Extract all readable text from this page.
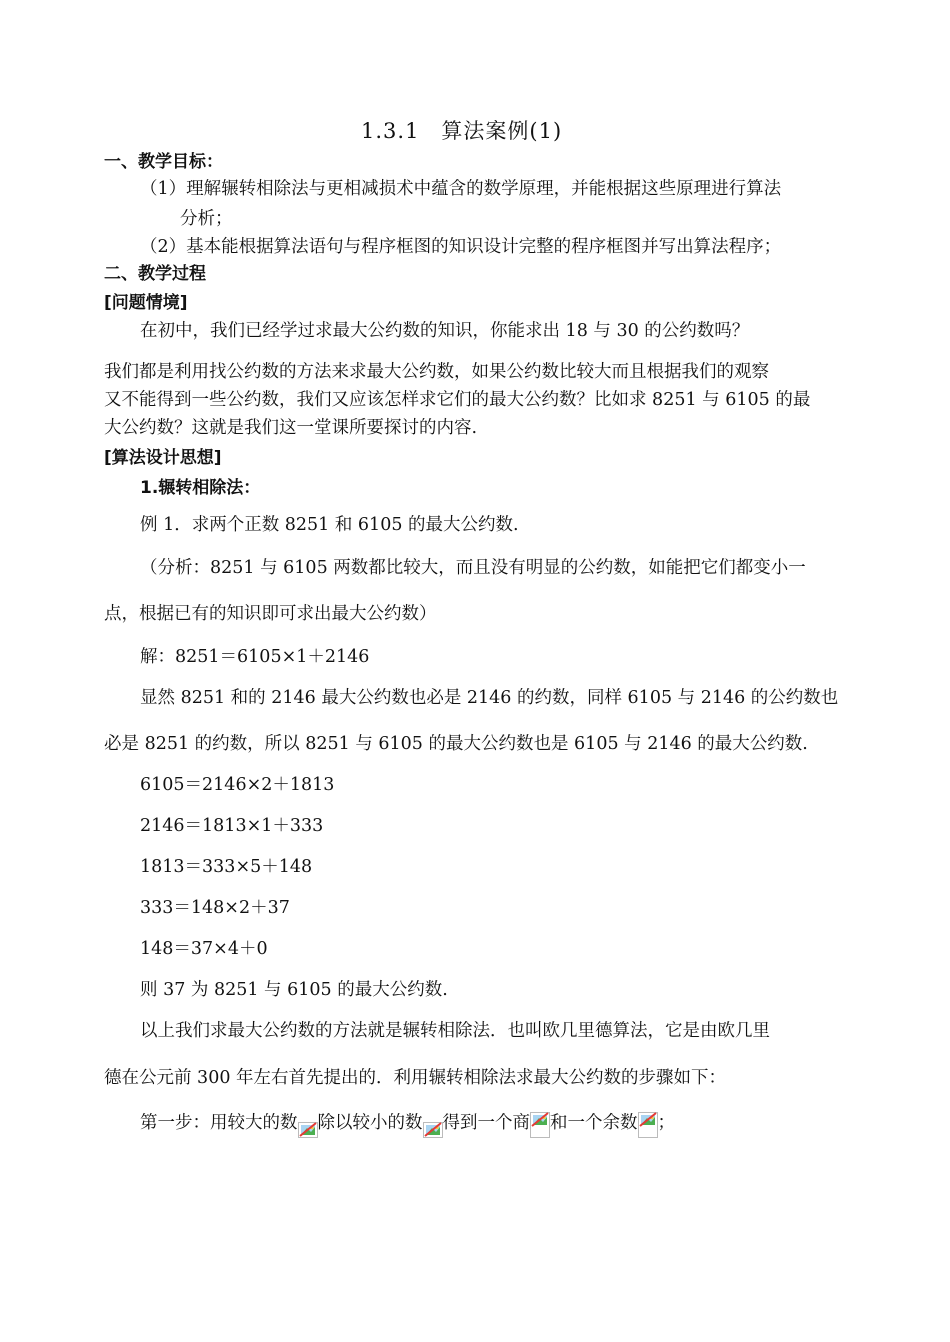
1.3.1　算法案例(1)
一、教学目标：
（1）理解辗转相除法与更相减损术中蕴含的数学原理，并能根据这些原理进行算法
分析；
（2）基本能根据算法语句与程序框图的知识设计完整的程序框图并写出算法程序；
二、教学过程
[问题情境]
在初中，我们已经学过求最大公约数的知识，你能求出 18 与 30 的公约数吗？
我们都是利用找公约数的方法来求最大公约数，如果公约数比较大而且根据我们的观察
又不能得到一些公约数，我们又应该怎样求它们的最大公约数？比如求 8251 与 6105 的最
大公约数？这就是我们这一堂课所要探讨的内容.
[算法设计思想]
1.辗转相除法：
例 1．求两个正数 8251 和 6105 的最大公约数.
（分析：8251 与 6105 两数都比较大，而且没有明显的公约数，如能把它们都变小一
点，根据已有的知识即可求出最大公约数）
解：8251＝6105×1＋2146
显然 8251 和的 2146 最大公约数也必是 2146 的约数，同样 6105 与 2146 的公约数也
必是 8251 的约数，所以 8251 与 6105 的最大公约数也是 6105 与 2146 的最大公约数.
6105＝2146×2＋1813
2146＝1813×1＋333
1813＝333×5＋148
333＝148×2＋37
148＝37×4＋0
则 37 为 8251 与 6105 的最大公约数.
以上我们求最大公约数的方法就是辗转相除法．也叫欧几里德算法，它是由欧几里
德在公元前 300 年左右首先提出的．利用辗转相除法求最大公约数的步骤如下：
第一步：用较大的数 除以较小的数 得到一个商 和一个余数 ；
